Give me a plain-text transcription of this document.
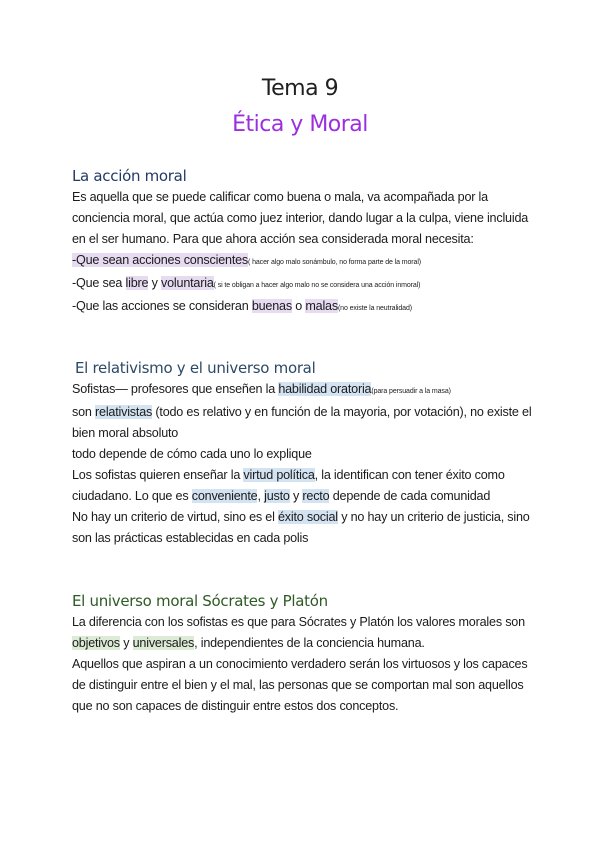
Tema 9
Ética y Moral
La acción moral

Es aquella que se puede calificar como buena o mala, va acompañada por la conciencia moral, que actúa como juez interior, dando lugar a la culpa, viene incluida en el ser humano. Para que ahora acción sea considerada moral necesita:

-Que sean acciones conscientes( hacer algo malo sonámbulo, no forma parte de la moral)

-Que sea libre y voluntaria( si te obligan a hacer algo malo no se considera una acción inmoral)

-Que las acciones se consideran buenas o malas(no existe la neutralidad)

El relativismo y el universo moral

Sofistas— profesores que enseñen la habilidad oratoria(para persuadir a la masa)

son relativistas (todo es relativo y en función de la mayoria, por votación), no existe el bien moral absoluto

todo depende de cómo cada uno lo explique

Los sofistas quieren enseñar la virtud política, la identifican con tener éxito como ciudadano. Lo que es conveniente, justo y recto depende de cada comunidad

No hay un criterio de virtud, sino es el éxito social y no hay un criterio de justicia, sino son las prácticas establecidas en cada polis

El universo moral Sócrates y Platón

La diferencia con los sofistas es que para Sócrates y Platón los valores morales son objetivos y universales, independientes de la conciencia humana.

Aquellos que aspiran a un conocimiento verdadero serán los virtuosos y los capaces de distinguir entre el bien y el mal, las personas que se comportan mal son aquellos que no son capaces de distinguir entre estos dos conceptos.
